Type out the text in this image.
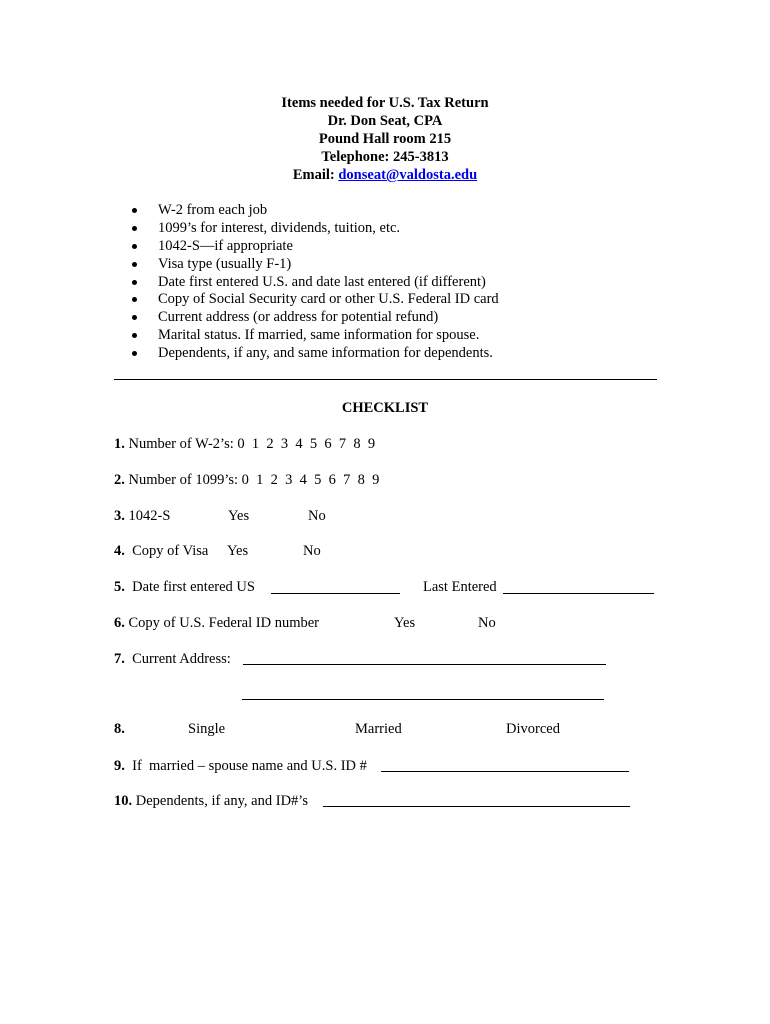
Items needed for U.S. Tax Return
Dr. Don Seat, CPA
Pound Hall room 215
Telephone: 245-3813
Email: donseat@valdosta.edu
W-2 from each job
1099’s for interest, dividends, tuition, etc.
1042-S—if appropriate
Visa type (usually F-1)
Date first entered U.S. and date last entered (if different)
Copy of Social Security card or other U.S. Federal ID card
Current address (or address for potential refund)
Marital status. If married, same information for spouse.
Dependents, if any, and same information for dependents.
CHECKLIST
1. Number of W-2’s: 0  1  2  3  4  5  6  7  8  9
2. Number of 1099’s: 0  1  2  3  4  5  6  7  8  9
3. 1042-S	Yes	No
4.  Copy of Visa Yes	No
5.  Date first entered US	Last Entered
6. Copy of U.S. Federal ID number	Yes	No
7.  Current Address:
8.	Single	Married	Divorced
9.  If  married – spouse name and U.S. ID #
10. Dependents, if any, and ID#’s
